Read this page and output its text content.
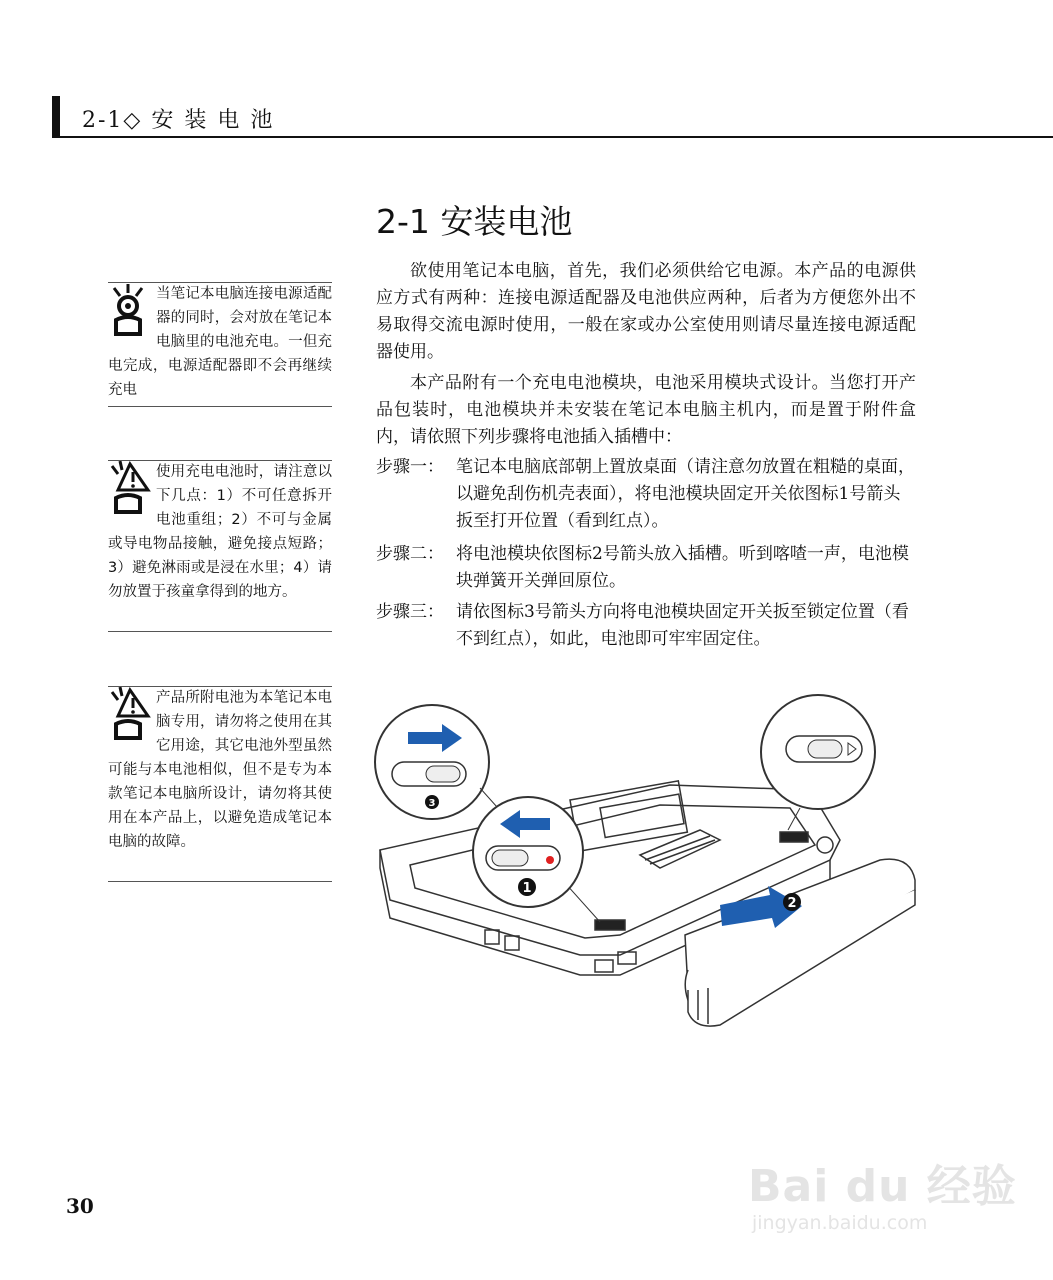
2-1◇ 安 装 电 池
2-1 安装电池
欲使用笔记本电脑，首先，我们必须供给它电源。本产品的电源供应方式有两种：连接电源适配器及电池供应两种，后者为方便您外出不易取得交流电源时使用，一般在家或办公室使用则请尽量连接电源适配器使用。
本产品附有一个充电电池模块，电池采用模块式设计。当您打开产品包装时，电池模块并未安装在笔记本电脑主机内，而是置于附件盒内，请依照下列步骤将电池插入插槽中：
步骤一： 笔记本电脑底部朝上置放桌面（请注意勿放置在粗糙的桌面，以避免刮伤机壳表面），将电池模块固定开关依图标1号箭头扳至打开位置（看到红点）。
步骤二： 将电池模块依图标2号箭头放入插槽。听到喀喳一声，电池模块弹簧开关弹回原位。
步骤三： 请依图标3号箭头方向将电池模块固定开关扳至锁定位置（看不到红点），如此，电池即可牢牢固定住。
当笔记本电脑连接电源适配器的同时，会对放在笔记本电脑里的电池充电。一但充电完成，电源适配器即不会再继续充电
使用充电电池时，请注意以下几点：1）不可任意拆开电池重组；2）不可与金属或导电物品接触，避免接点短路；3）避免淋雨或是浸在水里；4）请勿放置于孩童拿得到的地方。
产品所附电池为本笔记本电脑专用，请勿将之使用在其它用途，其它电池外型虽然可能与本电池相似，但不是专为本款笔记本电脑所设计，请勿将其使用在本产品上，以避免造成笔记本电脑的故障。
2
3
1
30	Bai du 经验
jingyan.baidu.com
